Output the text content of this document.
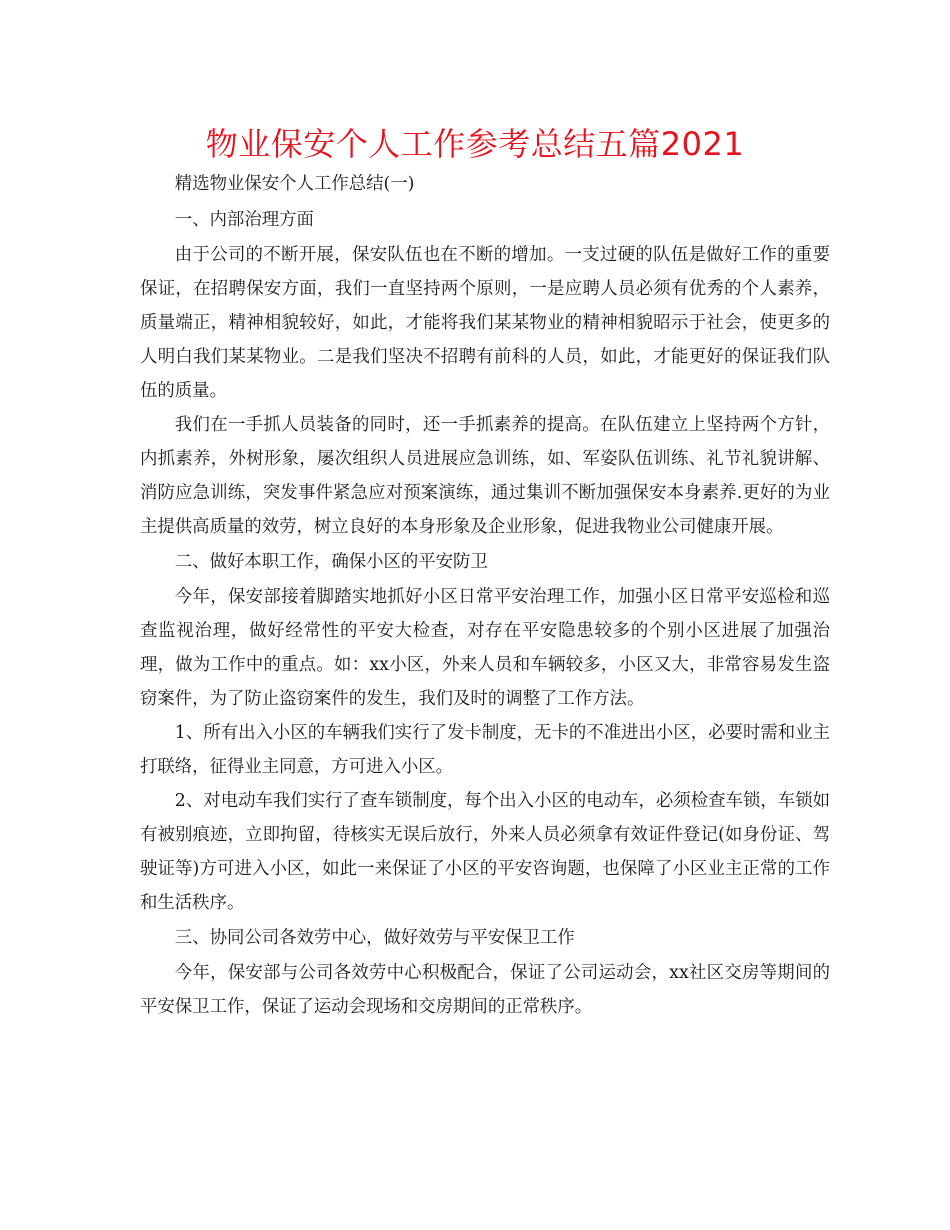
物业保安个人工作参考总结五篇2021

精选物业保安个人工作总结(一)

一、内部治理方面

由于公司的不断开展，保安队伍也在不断的增加。一支过硬的队伍是做好工作的重要保证，在招聘保安方面，我们一直坚持两个原则，一是应聘人员必须有优秀的个人素养，质量端正，精神相貌较好，如此，才能将我们某某物业的精神相貌昭示于社会，使更多的人明白我们某某物业。二是我们坚决不招聘有前科的人员，如此，才能更好的保证我们队伍的质量。

我们在一手抓人员装备的同时，还一手抓素养的提高。在队伍建立上坚持两个方针，内抓素养，外树形象，屡次组织人员进展应急训练，如、军姿队伍训练、礼节礼貌讲解、消防应急训练，突发事件紧急应对预案演练，通过集训不断加强保安本身素养.更好的为业主提供高质量的效劳，树立良好的本身形象及企业形象，促进我物业公司健康开展。

二、做好本职工作，确保小区的平安防卫

今年，保安部接着脚踏实地抓好小区日常平安治理工作，加强小区日常平安巡检和巡查监视治理，做好经常性的平安大检查，对存在平安隐患较多的个别小区进展了加强治理，做为工作中的重点。如：xx小区，外来人员和车辆较多，小区又大，非常容易发生盗窃案件，为了防止盗窃案件的发生，我们及时的调整了工作方法。

1、所有出入小区的车辆我们实行了发卡制度，无卡的不准进出小区，必要时需和业主打联络，征得业主同意，方可进入小区。

2、对电动车我们实行了查车锁制度，每个出入小区的电动车，必须检查车锁，车锁如有被别痕迹，立即拘留，待核实无误后放行，外来人员必须拿有效证件登记(如身份证、驾驶证等)方可进入小区，如此一来保证了小区的平安咨询题，也保障了小区业主正常的工作和生活秩序。

三、协同公司各效劳中心，做好效劳与平安保卫工作

今年，保安部与公司各效劳中心积极配合，保证了公司运动会，xx社区交房等期间的平安保卫工作，保证了运动会现场和交房期间的正常秩序。
